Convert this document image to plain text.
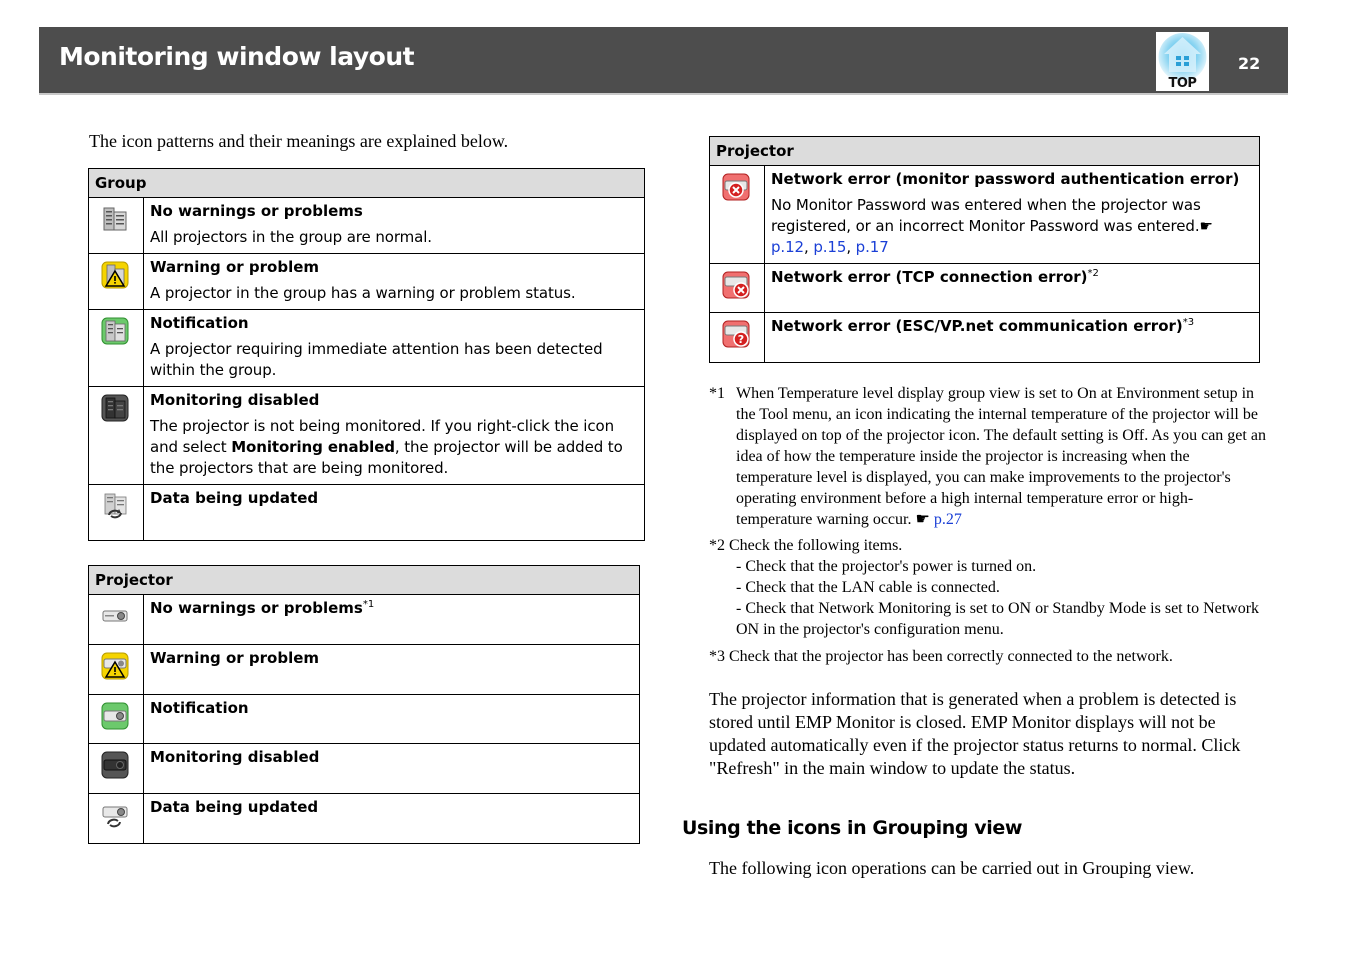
Monitoring window layout
TOP
22
The icon patterns and their meanings are explained below.
Group	

No warnings or problems
All projectors in the group are normal.

Warning or problem
A projector in the group has a warning or problem status.

Notification
A projector requiring immediate attention has been detected within the group.

Monitoring disabled
The projector is not being monitored. If you right-click the icon and select Monitoring enabled, the projector will be added to the projectors that are being monitored.

Data being updated
Projector	

No warnings or problems$^{*1}$

Warning or problem

Notification

Monitoring disabled

Data being updated
Projector	

Network error (monitor password authentication error)
No Monitor Password was entered when the projector was registered, or an incorrect Monitor Password was entered.☛ p.12, p.15, p.17

Network error (TCP connection error)$^{*2}$

?	Network error (ESC/VP.net communication error)$^{*3}$
*1 When Temperature level display group view is set to On at Environment setup in the Tool menu, an icon indicating the internal temperature of the projector will be displayed on top of the projector icon. The default setting is Off. As you can get an idea of how the temperature inside the projector is increasing when the temperature level is displayed, you can make improvements to the projector's operating environment before a high internal temperature error or high-temperature warning occur. ☛ p.27
*2 Check the following items.
- Check that the projector's power is turned on.
- Check that the LAN cable is connected.
- Check that Network Monitoring is set to ON or Standby Mode is set to Network ON in the projector's configuration menu.
*3 Check that the projector has been correctly connected to the network.
The projector information that is generated when a problem is detected is stored until EMP Monitor is closed. EMP Monitor displays will not be updated automatically even if the projector status returns to normal. Click "Refresh" in the main window to update the status.
Using the icons in Grouping view
The following icon operations can be carried out in Grouping view.
